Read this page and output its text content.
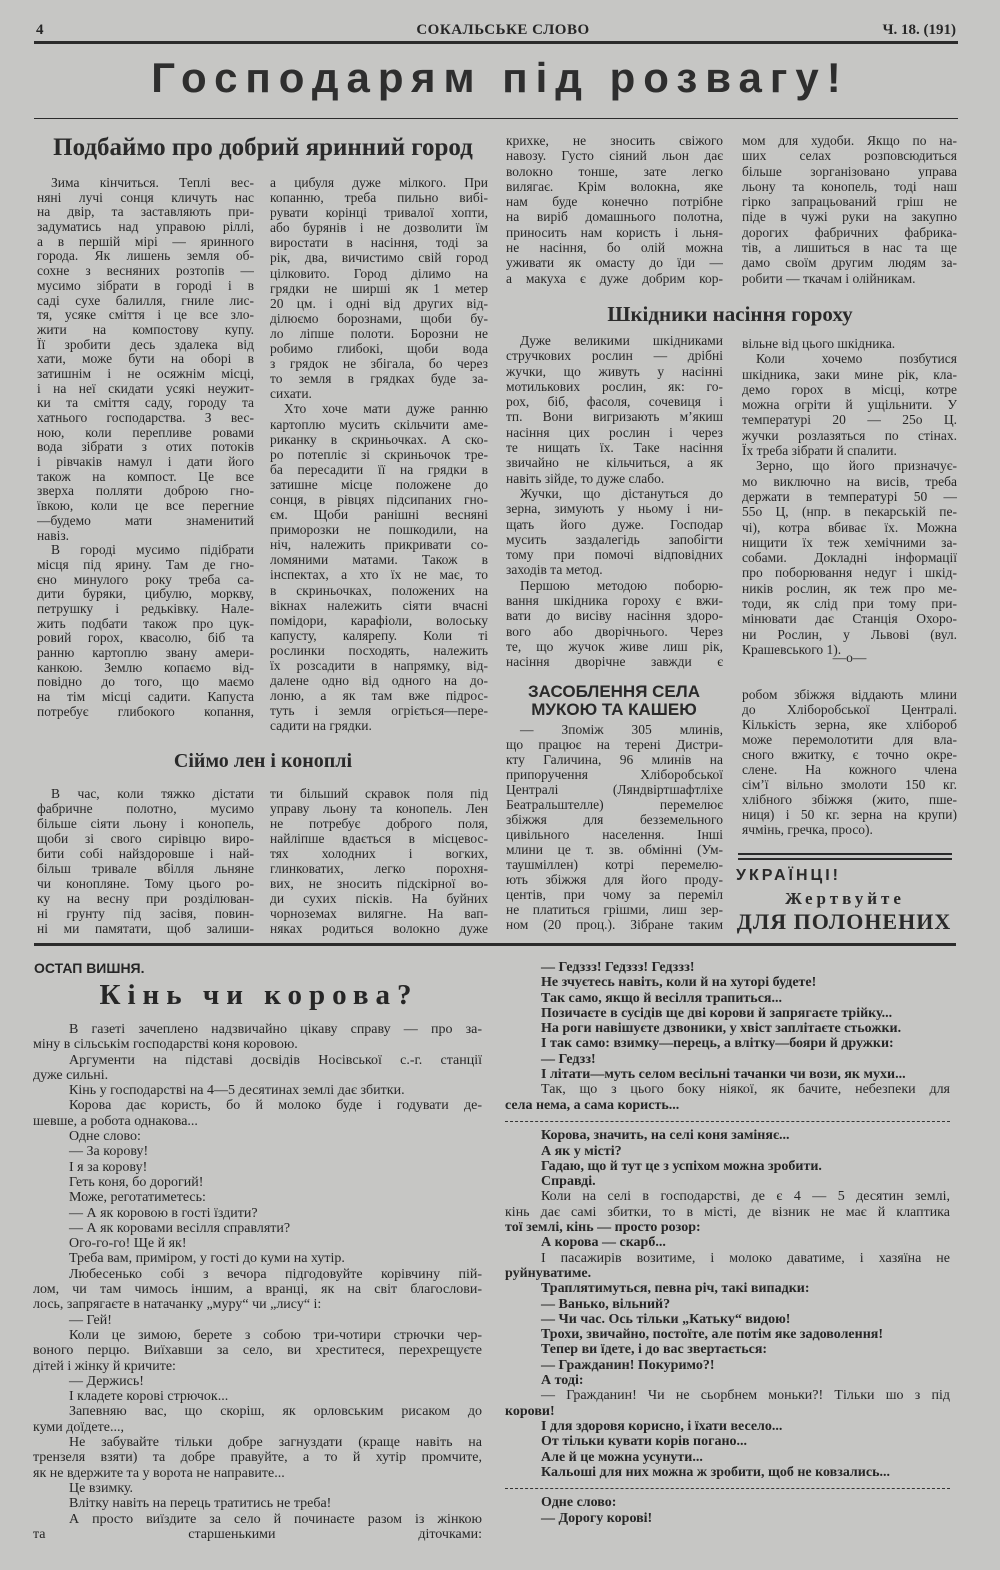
4	СОКАЛЬСЬКЕ СЛОВО	Ч. 18. (191)
Господарям під розвагу!
Подбаймо про добрий яринний город
Зима кінчиться. Теплі вес-
няні лучі сонця кличуть нас
на двір, та заставляють при-
задуматись над управою ріллі,
а в першій мірі — яринного
города. Як лишень земля об-
сохне з весняних розтопів —
мусимо зібрати в городі і в
саді сухе балилля, гниле лис-
тя, усяке сміття і це все зло-
жити на компостову купу.
Її зробити десь здалека від
хати, може бути на оборі в
затишнім і не осяжнім місці,
і на неї скидати усякі неужит-
ки та сміття саду, городу та
хатнього господарства. З вес-
ною, коли перепливе ровами
вода зібрати з отих потоків
і рівчаків намул і дати його
також на компост. Це все
зверха полляти доброю гно-
ївкою, коли це все перегние
—будемо мати знаменитий
навіз.
В городі мусимо підібрати
місця під ярину. Там де гно-
єно минулого року треба са-
дити буряки, цибулю, моркву,
петрушку і редьківку. Нале-
жить подбати також про цук-
ровий горох, квасолю, біб та
ранню картоплю звану амери-
канкою. Землю копаємо від-
повідно до того, що маємо
на тім місці садити. Капуста
потребує глибокого копання,
а цибуля дуже мілкого. При
копанню, треба пильно вибі-
рувати корінці тривалої хопти,
або бурянів і не дозволити їм
виростати в насіння, тоді за
рік, два, вичистимо свій город
цілковито. Город ділимо на
грядки не ширші як 1 метер
20 цм. і одні від других від-
ділюємо борознами, щоби бу-
ло ліпше полоти. Борозни не
робимо глибокі, щоби вода
з грядок не збігала, бо через
то земля в грядках буде за-
сихати.
Хто хоче мати дуже ранню
картоплю мусить скільчити аме-
риканку в скриньочках. А ско-
ро потепліє зі скриньочок тре-
ба пересадити її на грядки в
затишне місце положене до
сонця, в рівцях підсипаних гно-
єм. Щоби ранішні весняні
приморозки не пошкодили, на
ніч, належить прикривати со-
ломяними матами. Також в
інспектах, а хто їх не має, то
в скриньочках, положених на
вікнах належить сіяти вчасні
помідори, карафіоли, волоську
капусту, калярепу. Коли ті
рослинки посходять, належить
їх розсадити в напрямку, від-
далене одно від одного на до-
лоню, а як там вже підрос-
туть і земля огріється—пере-
садити на грядки.
Сіймо лен і коноплі
В час, коли тяжко дістати
фабричне полотно, мусимо
більше сіяти льону і конопель,
щоби зі свого сирівцю виро-
бити собі найздоровше і най-
більш тривале вбілля льняне
чи конопляне. Тому цього ро-
ку на весну при розділюван-
ні грунту під засівя, повин-
ні ми памятати, щоб залиши-
ти більший скравок поля під
управу льону та конопель. Лен
не потребує доброго поля,
найліпше вдається в місцевос-
тях холодних і вогких,
глинковатих, легко порохня-
вих, не зносить підскірної во-
ди сухих пісків. На буйних
чорноземах вилягне. На вап-
няках родиться волокно дуже
крихке, не зносить свіжого
навозу. Густо сіяний льон дає
волокно тонше, зате легко
вилягає. Крім волокна, яке
нам буде конечно потрібне
на виріб домашнього полотна,
приносить нам користь і льня-
не насіння, бо олій можна
уживати як омасту до їди —
а макуха є дуже добрим кор-
мом для худоби. Якщо по на-
ших селах розповсюдиться
більше зорганізовано управа
льону та конопель, тоді наш
гірко запрацьований гріш не
піде в чужі руки на закупно
дорогих фабричних фабрика-
тів, а лишиться в нас та ще
дамо своїм другим людям за-
робити — ткачам і олійникам.
Шкідники насіння гороху
Дуже великими шкідниками
стручкових рослин — дрібні
жучки, що живуть у насінні
мотилькових рослин, як: го-
рох, біб, фасоля, сочевиця і
тп. Вони вигризають м’якиш
насіння цих рослин і через
те нищать їх. Таке насіння
звичайно не кільчиться, а як
навіть зійде, то дуже слабо.
Жучки, що дістануться до
зерна, зимують у ньому і ни-
щать його дуже. Господар
мусить заздалегідь запобігти
тому при помочі відповідних
заходів та метод.
Першою методою поборю-
вання шкідника гороху є вжи-
вати до висіву насіння здоро-
вого або дворічнього. Через
те, що жучок живе лиш рік,
насіння дворічне завжди є
вільне від цього шкідника.
Коли хочемо позбутися
шкідника, заки мине рік, кла-
демо горох в місці, котре
можна огріти й ущільнити. У
температурі 20 — 25о Ц.
жучки розлазяться по стінах.
Їх треба зібрати й спалити.
Зерно, що його призначує-
мо виключно на висів, треба
держати в температурі 50 —
55о Ц, (нпр. в пекарській пе-
чі), котра вбиває їх. Можна
нищити їх теж хемічними за-
собами. Докладні інформації
про поборювання недуг і шкід-
ників рослин, як теж про ме-
тоди, як слід при тому при-
мінювати дає Станція Охоро-
ни Рослин, у Львові (вул.
Крашевського 1).
—о—
ЗАСОБЛЕННЯ СЕЛА
МУКОЮ ТА КАШЕЮ
— Зпоміж 305 млинів,
що працює на терені Дистри-
кту Галичина, 96 млинів на
припоручення Хліборобської
Централі (Ляндвіртшафтліхе
Беатральштелле) перемелює
збіжжя для безземельного
цивільного населення. Інші
млини це т. зв. обмінні (Ум-
таушміллен) котрі перемелю-
ють збіжжя для його проду-
центів, при чому за переміл
не платиться грішми, лиш зер-
ном (20 проц.). Зібране таким
робом збіжжя віддають млини
до Хліборобської Централі.
Кількість зерна, яке хлібороб
може перемолотити для вла-
сного вжитку, є точно окре-
слене. На кожного члена
сім’ї вільно змолоти 150 кг.
хлібного збіжжя (жито, пше-
ниця) і 50 кг. зерна на крупи)
ячмінь, гречка, просо).
УКРАЇНЦІ!
Жертвуйте
ДЛЯ ПОЛОНЕНИХ
ОСТАП ВИШНЯ.
Кінь чи корова?
В газеті зачеплено надзвичайно цікаву справу — про за-
міну в сільськім господарстві коня коровою.
Аргументи на підставі досвідів Носівської с.-г. станції
дуже сильні.
Кінь у господарстві на 4—5 десятинах землі дає збитки.
Корова дає користь, бо й молоко буде і годувати де-
шевше, а робота однакова...
Одне слово:
— За корову!
І я за корову!
Геть коня, бо дорогий!
Може, реготатиметесь:
— А як коровою в гості їздити?
— А як коровами весілля справляти?
Ого-го-го! Ще й як!
Треба вам, приміром, у гості до куми на хутір.
Любесенько собі з вечора підгодовуйте корівчину пій-
лом, чи там чимось іншим, а вранці, як на світ благослови-
лось, запрягаєте в натачанку „муру“ чи „лису“ і:
— Гей!
Коли це зимою, берете з собою три-чотири стрючки чер-
воного перцю. Виїхавши за село, ви хреститеся, перехрещуєте
дітей і жінку й кричите:
— Держись!
І кладете корові стрючок...
Запевняю вас, що скоріш, як орловським рисаком до
куми доїдете...,
Не забувайте тільки добре загнуздати (краще навіть на
трензеля взяти) та добре правуйте, а то й хутір промчите,
як не вдержите та у ворота не направите...
Це взимку.
Влітку навіть на перець тратитись не треба!
А просто виїздите за село й починаєте разом із жінкою
та старшенькими діточками:
— Гедззз! Гедззз! Гедззз!
Не зчуєтесь навіть, коли й на хуторі будете!
Так само, якщо й весілля трапиться...
Позичаєте в сусідів ще дві корови й запрягаєте трійку...
На роги навішуєте дзвоники, у хвіст заплітаєте стьожки.
І так само: взимку—перець, а влітку—бояри й дружки:
— Гедзз!
І літати—муть селом весільні тачанки чи вози, як мухи...
Так, що з цього боку ніякої, як бачите, небезпеки для
села нема, а сама користь...
Корова, значить, на селі коня заміняє...
А як у місті?
Гадаю, що й тут це з успіхом можна зробити.
Справді.
Коли на селі в господарстві, де є 4 — 5 десятин землі,
кінь дає самі збитки, то в місті, де візник не має й клаптика
тої землі, кінь — просто розор:
А корова — скарб...
І пасажирів возитиме, і молоко даватиме, і хазяїна не
руйнуватиме.
Траплятимуться, певна річ, такі випадки:
— Ванько, вільний?
— Чи час. Ось тільки „Катьку“ видою!
Трохи, звичайно, постоїте, але потім яке задоволення!
Тепер ви їдете, і до вас звертається:
— Гражданин! Покуримо?!
А тоді:
— Гражданин! Чи не сьорбнем моньки?! Тільки шо з під
корови!
І для здоровя корисно, і їхати весело...
От тільки кувати корів погано...
Але й це можна усунути...
Кальоші для них можна ж зробити, щоб не ковзались...
Одне слово:
— Дорогу корові!
